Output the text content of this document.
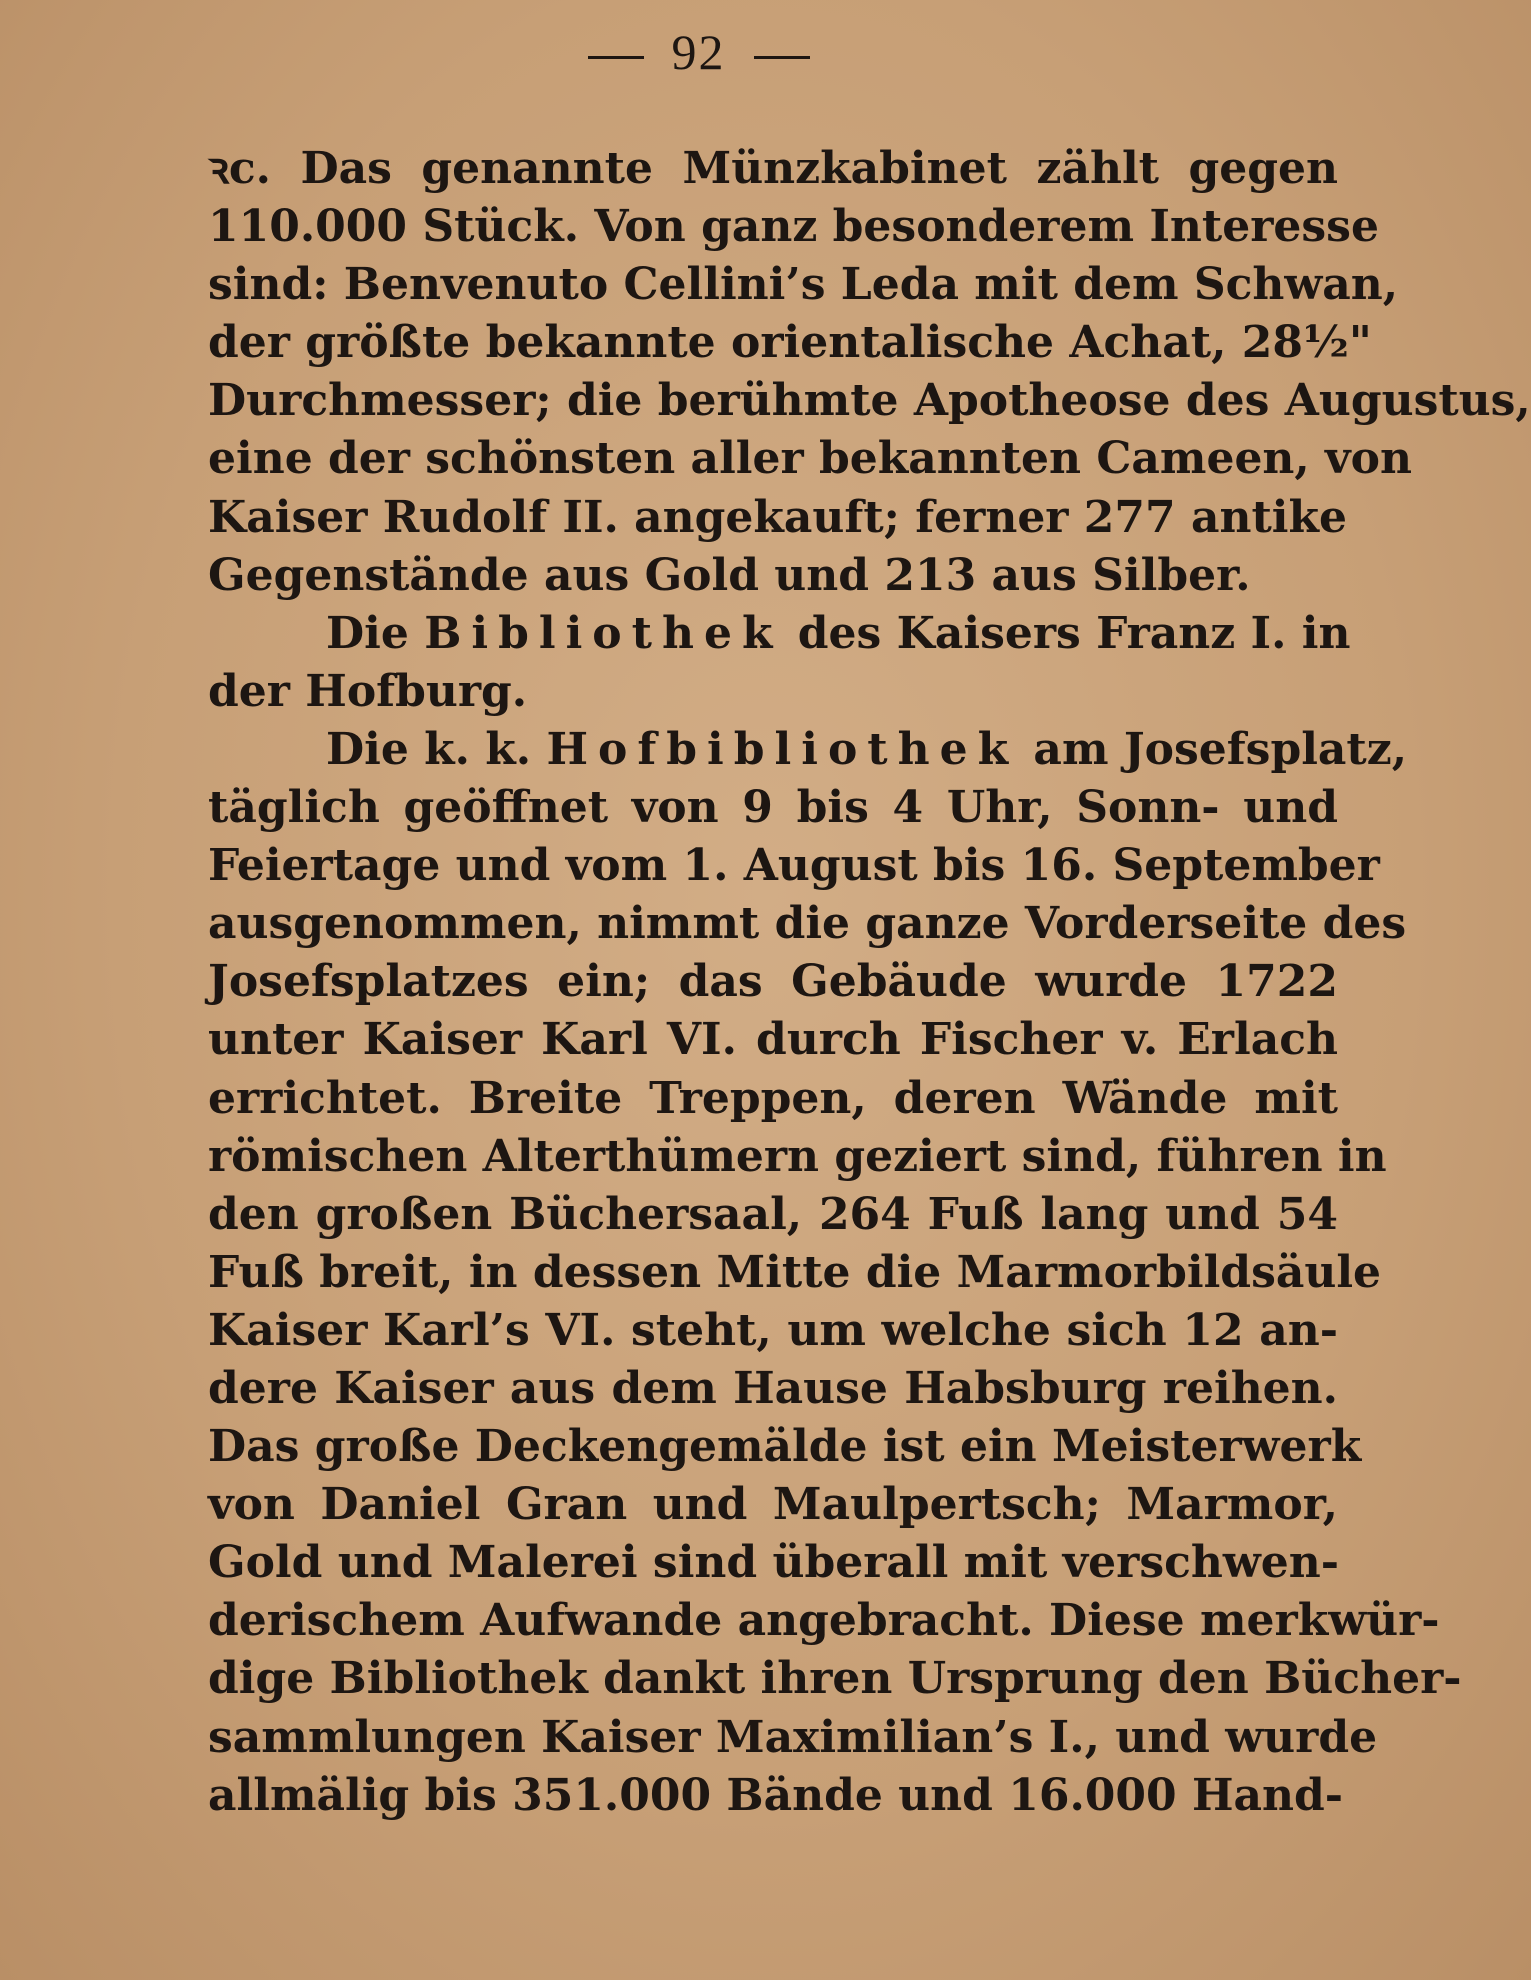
92
ꝛc. Das genannte Münzkabinet zählt gegen
110.000 Stück. Von ganz besonderem Interesse
sind: Benvenuto Cellini’s Leda mit dem Schwan,
der größte bekannte orientalische Achat, 28½"
Durchmesser; die berühmte Apotheose des Augustus,
eine der schönsten aller bekannten Cameen, von
Kaiser Rudolf II. angekauft; ferner 277 antike
Gegenstände aus Gold und 213 aus Silber.
Die Bibliothek des Kaisers Franz I. in
der Hofburg.
Die k. k. Hofbibliothek am Josefsplatz,
täglich geöffnet von 9 bis 4 Uhr, Sonn- und
Feiertage und vom 1. August bis 16. September
ausgenommen, nimmt die ganze Vorderseite des
Josefsplatzes ein; das Gebäude wurde 1722
unter Kaiser Karl VI. durch Fischer v. Erlach
errichtet. Breite Treppen, deren Wände mit
römischen Alterthümern geziert sind, führen in
den großen Büchersaal, 264 Fuß lang und 54
Fuß breit, in dessen Mitte die Marmorbildsäule
Kaiser Karl’s VI. steht, um welche sich 12 an-
dere Kaiser aus dem Hause Habsburg reihen.
Das große Deckengemälde ist ein Meisterwerk
von Daniel Gran und Maulpertsch; Marmor,
Gold und Malerei sind überall mit verschwen-
derischem Aufwande angebracht. Diese merkwür-
dige Bibliothek dankt ihren Ursprung den Bücher-
sammlungen Kaiser Maximilian’s I., und wurde
allmälig bis 351.000 Bände und 16.000 Hand-
